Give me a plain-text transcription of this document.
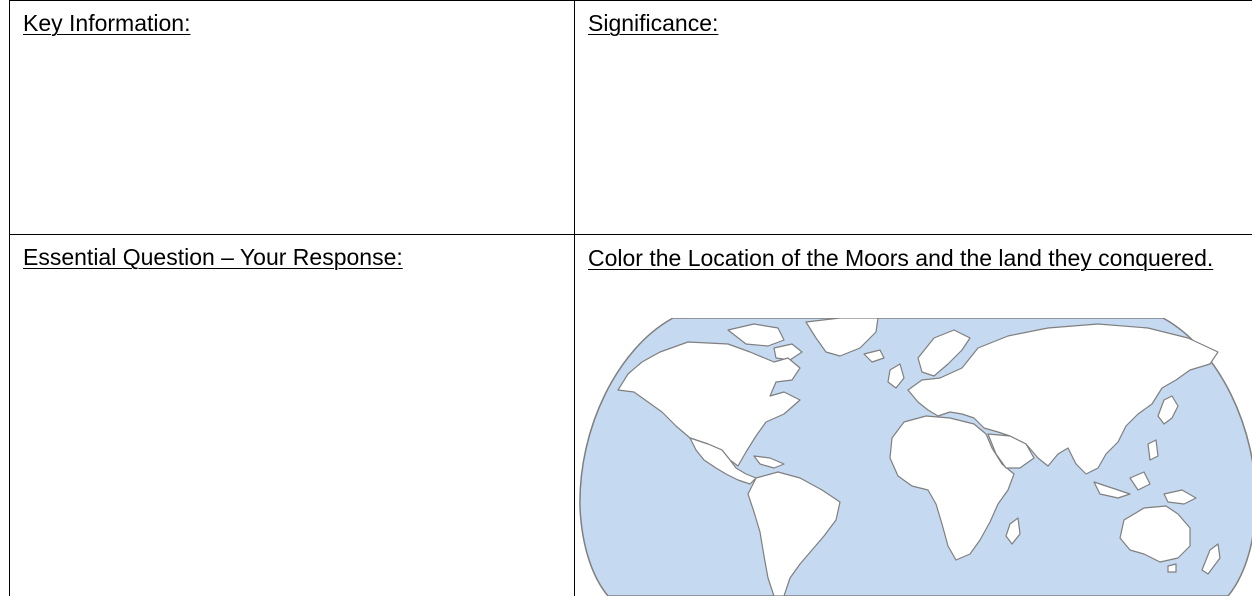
Key Information:	Significance:
Essential Question – Your Response:	Color the Location of the Moors and the land they conquered.
